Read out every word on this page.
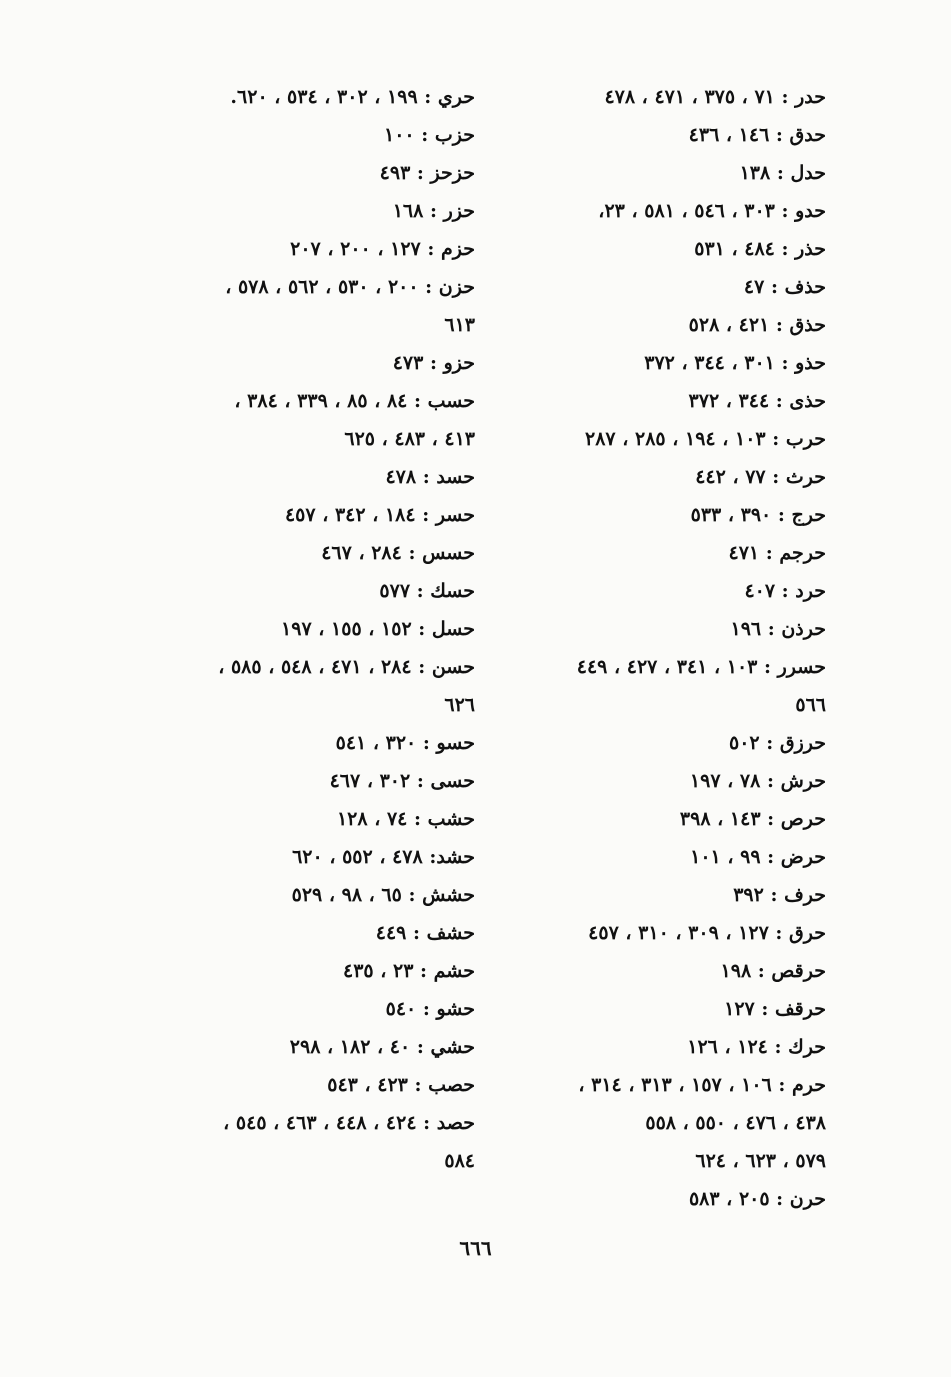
حدر : ٧١ ، ٣٧٥ ، ٤٧١ ، ٤٧٨
حدق : ١٤٦ ، ٤٣٦
حدل : ١٣٨
حدو : ٣٠٣ ، ٥٤٦ ، ٥٨١ ، ٢٣،
حذر : ٤٨٤ ، ٥٣١
حذف : ٤٧
حذق : ٤٢١ ، ٥٢٨
حذو : ٣٠١ ، ٣٤٤ ، ٣٧٢
حذى : ٣٤٤ ، ٣٧٢
حرب : ١٠٣ ، ١٩٤ ، ٢٨٥ ، ٢٨٧
حرث : ٧٧ ، ٤٤٢
حرج : ٣٩٠ ، ٥٣٣
حرجم : ٤٧١
حرد : ٤٠٧
حرذن : ١٩٦
حسرر : ١٠٣ ، ٣٤١ ، ٤٢٧ ، ٤٤٩
٥٦٦
حرزق : ٥٠٢
حرش : ٧٨ ، ١٩٧
حرص : ١٤٣ ، ٣٩٨
حرض : ٩٩ ، ١٠١
حرف : ٣٩٢
حرق : ١٢٧ ، ٣٠٩ ، ٣١٠ ، ٤٥٧
حرقص : ١٩٨
حرقف : ١٢٧
حرك : ١٢٤ ، ١٢٦
حرم : ١٠٦ ، ١٥٧ ، ٣١٣ ، ٣١٤ ،
٤٣٨ ، ٤٧٦ ، ٥٥٠ ، ٥٥٨
٥٧٩ ، ٦٢٣ ، ٦٢٤
حرن : ٢٠٥ ، ٥٨٣
حري : ١٩٩ ، ٣٠٢ ، ٥٣٤ ، ٦٢٠.
حزب : ١٠٠
حزحز : ٤٩٣
حزر : ١٦٨
حزم : ١٢٧ ، ٢٠٠ ، ٢٠٧
حزن : ٢٠٠ ، ٥٣٠ ، ٥٦٢ ، ٥٧٨ ،
٦١٣
حزو : ٤٧٣
حسب : ٨٤ ، ٨٥ ، ٣٣٩ ، ٣٨٤ ،
٤١٣ ، ٤٨٣ ، ٦٢٥
حسد : ٤٧٨
حسر : ١٨٤ ، ٣٤٢ ، ٤٥٧
حسس : ٢٨٤ ، ٤٦٧
حسك : ٥٧٧
حسل : ١٥٢ ، ١٥٥ ، ١٩٧
حسن : ٢٨٤ ، ٤٧١ ، ٥٤٨ ، ٥٨٥ ،
٦٢٦
حسو : ٣٢٠ ، ٥٤١
حسى : ٣٠٢ ، ٤٦٧
حشب : ٧٤ ، ١٢٨
حشد: ٤٧٨ ، ٥٥٢ ، ٦٢٠
حشش : ٦٥ ، ٩٨ ، ٥٢٩
حشف : ٤٤٩
حشم : ٢٣ ، ٤٣٥
حشو : ٥٤٠
حشي : ٤٠ ، ١٨٢ ، ٢٩٨
حصب : ٤٢٣ ، ٥٤٣
حصد : ٤٢٤ ، ٤٤٨ ، ٤٦٣ ، ٥٤٥ ،
٥٨٤
٦٦٦
